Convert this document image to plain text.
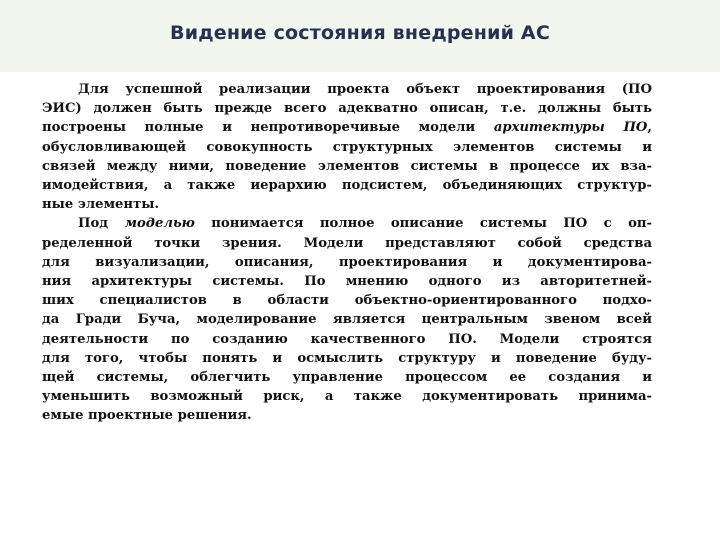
Видение состояния внедрений АС
Для успешной реализации проекта объект проектирования (ПО
ЭИС) должен быть прежде всего адекватно описан, т.е. должны быть
построены полные и непротиворечивые модели архитектуры ПО,
обусловливающей совокупность структурных элементов системы и
связей между ними, поведение элементов системы в процессе их вза-
имодействия, а также иерархию подсистем, объединяющих структур-
ные элементы.
Под моделью понимается полное описание системы ПО с оп-
ределенной точки зрения. Модели представляют собой средства
для визуализации, описания, проектирования и документирова-
ния архитектуры системы. По мнению одного из авторитетней-
ших специалистов в области объектно-ориентированного подхо-
да Гради Буча, моделирование является центральным звеном всей
деятельности по созданию качественного ПО. Модели строятся
для того, чтобы понять и осмыслить структуру и поведение буду-
щей системы, облегчить управление процессом ее создания и
уменьшить возможный риск, а также документировать принима-
емые проектные решения.
